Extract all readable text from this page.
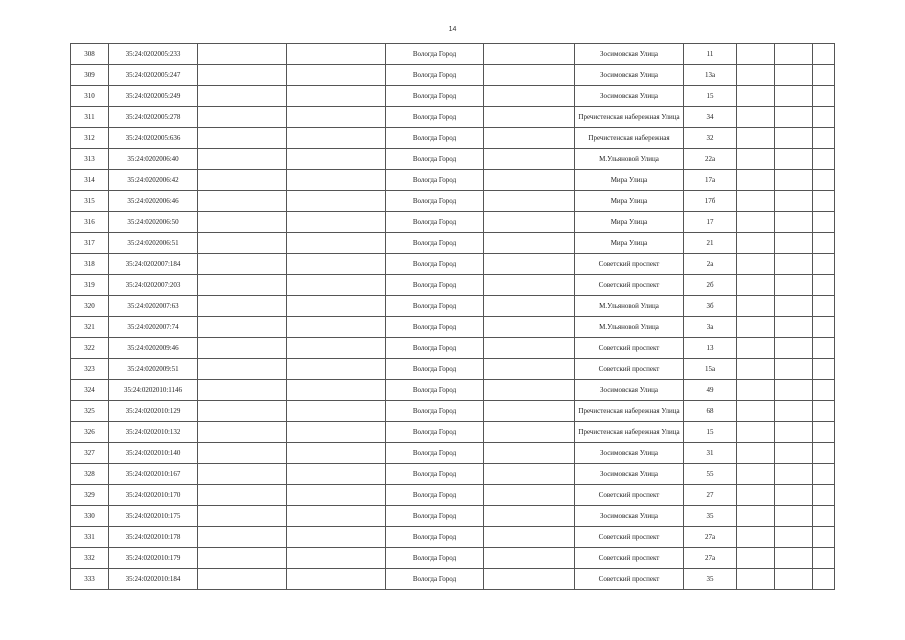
14
308	35:24:0202005:233			Вологда Город		Зосимовская Улица	11			
309	35:24:0202005:247			Вологда Город		Зосимовская Улица	13а			
310	35:24:0202005:249			Вологда Город		Зосимовская Улица	15			
311	35:24:0202005:278			Вологда Город		Пречистенская набережная Улица	34			
312	35:24:0202005:636			Вологда Город		Пречистенская набережная	32			
313	35:24:0202006:40			Вологда Город		М.Ульяновой Улица	22а			
314	35:24:0202006:42			Вологда Город		Мира Улица	17а			
315	35:24:0202006:46			Вологда Город		Мира Улица	17б			
316	35:24:0202006:50			Вологда Город		Мира Улица	17			
317	35:24:0202006:51			Вологда Город		Мира Улица	21			
318	35:24:0202007:184			Вологда Город		Советский проспект	2а			
319	35:24:0202007:203			Вологда Город		Советский проспект	2б			
320	35:24:0202007:63			Вологда Город		М.Ульяновой Улица	3б			
321	35:24:0202007:74			Вологда Город		М.Ульяновой Улица	3а			
322	35:24:0202009:46			Вологда Город		Советский проспект	13			
323	35:24:0202009:51			Вологда Город		Советский проспект	15а			
324	35:24:0202010:1146			Вологда Город		Зосимовская Улица	49			
325	35:24:0202010:129			Вологда Город		Пречистенская набережная Улица	68			
326	35:24:0202010:132			Вологда Город		Пречистенская набережная Улица	15			
327	35:24:0202010:140			Вологда Город		Зосимовская Улица	31			
328	35:24:0202010:167			Вологда Город		Зосимовская Улица	55			
329	35:24:0202010:170			Вологда Город		Советский проспект	27			
330	35:24:0202010:175			Вологда Город		Зосимовская Улица	35			
331	35:24:0202010:178			Вологда Город		Советский проспект	27а			
332	35:24:0202010:179			Вологда Город		Советский проспект	27а			
333	35:24:0202010:184			Вологда Город		Советский проспект	35			
